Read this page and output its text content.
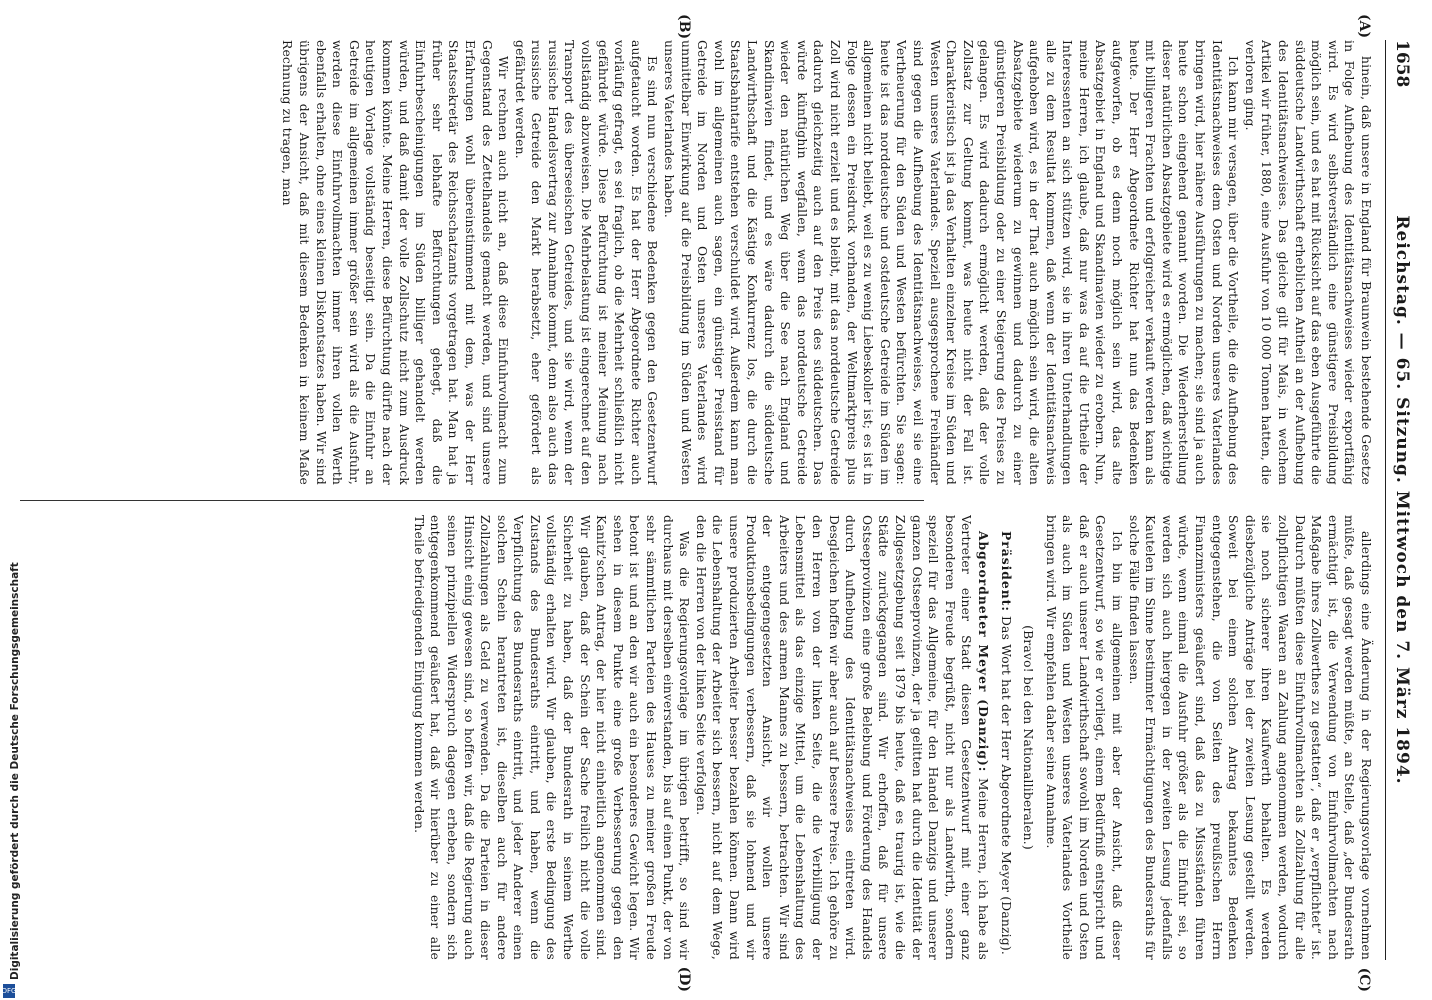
1658
Reichstag. — 65. Sitzung. Mittwoch den 7. März 1894.
(A)
(B)
(C)
(D)

hinein, daß unsere in England für Braunwein bestehende Gesetze in Folge Aufhebung des Identitätsnachweises wieder exportfähig wird. Es wird selbstverständlich eine günstigere Preisbildung möglich sein, und es hat mit Rücksicht auf das eben Ausgeführte die süddeutsche Landwirthschaft erheblichen Antheil an der Aufhebung des Identitätsnachweises. Das gleiche gilt für Mais, in welchem Artikel wir früher, 1880, eine Ausfuhr von 10 000 Tonnen hatten, die verloren ging.

Ich kann mir versagen, über die Vortheile, die die Aufhebung des Identitätsnachweises dem Osten und Norden unseres Vaterlandes bringen wird, hier nähere Ausführungen zu machen; sie sind ja auch heute schon eingehend genannt worden. Die Wiederherstellung dieser natürlichen Absatzgebiete wird es ermöglichen, daß wichtige mit billigeren Frachten und erfolgreicher verkauft werden kann als heute. Der Herr Abgeordnete Richter hat nun das Bedenken aufgeworfen, ob es denn noch möglich sein wird, das alte Absatzgebiet in England und Skandinavien wieder zu erobern. Nun, meine Herren, ich glaube, daß nur was da auf die Urtheile der Interessenten an sich stützen wird, sie in ihren Unterhandlungen alle zu dem Resultat kommen, daß wenn der Identitätsnachweis aufgehoben wird, es in der That auch möglich sein wird, die alten Absatzgebiete wiederum zu gewinnen und dadurch zu einer günstigeren Preisbildung oder zu einer Steigerung des Preises zu gelangen. Es wird dadurch ermöglicht werden, daß der volle Zollsatz zur Geltung kommt, was heute nicht der Fall ist. Charakteristisch ist ja das Verhalten einzelner Kreise im Süden und Westen unseres Vaterlandes. Speziell ausgesprochene Freihändler sind gegen die Aufhebung des Identitätsnachweises, weil sie eine Vertheuerung für den Süden und Westen befürchten. Sie sagen: heute ist das norddeutsche und ostdeutsche Getreide im Süden im allgemeinen nicht beliebt, weil es zu wenig Liebeskoller ist; es ist in Folge dessen ein Preisdruck vorhanden, der Weltmarktpreis plus Zoll wird nicht erzielt und es bleibt, mit das norddeutsche Getreide dadurch gleichzeitig auch auf den Preis des süddeutschen. Das würde künftighin wegfallen, wenn das norddeutsche Getreide wieder den natürlichen Weg über die See nach England und Skandinavien findet, und es wäre dadurch die süddeutsche Landwirthschaft und die Kästige Konkurrenz los, die durch die Staatsbahntarife entstehen verschuldet wird. Außerdem kann man wohl im allgemeinen auch sagen, ein günstiger Preisstand für Getreide im Norden und Osten unseres Vaterlandes wird unmittelbar Einwirkung auf die Preisbildung im Süden und Westen unseres Vaterlandes haben.

Es sind nun verschiedene Bedenken gegen den Gesetzentwurf aufgetaucht worden. Es hat der Herr Abgeordnete Richter auch vorläufig gefragt, es sei fraglich, ob die Mehrheit schließlich nicht gefährdet würde. Diese Befürchtung ist meiner Meinung nach vollständig abzuweisen. Die Mehrbelastung ist eingerechnet auf den Transport des überseeischen Getreides, und sie wird, wenn der russische Handelsvertrag zur Annahme kommt, denn also auch das russische Getreide den Markt herabsetzt, eher gefördert als gefährdet werden.

Wir rechnen auch nicht an, daß diese Einfuhrvollmacht zum Gegenstand des Zettelhandels gemacht werden, und sind unsere Erfahrungen wohl übereinstimmend mit dem, was der Herr Staatssekretär des Reichsschatzamts vorgetragen hat. Man hat ja früher sehr lebhafte Befürchtungen gehegt, daß die Einfuhrbescheinigungen im Süden billiger gehandelt werden würden, und daß damit der volle Zollschutz nicht zum Ausdruck kommen könnte. Meine Herren, diese Befürchtung dürfte nach der heutigen Vorlage vollständig beseitigt sein. Da die Einfuhr an Getreide im allgemeinen immer größer sein wird als die Ausfuhr, werden diese Einfuhrvollmachten immer ihren vollen Werth ebenfalls erhalten, ohne eines kleinen Diskontsatzes haben. Wir sind übrigens der Ansicht, daß mit diesem Bedenken in keinem Maße Rechnung zu tragen, man

allerdings eine Änderung in der Regierungsvorlage vornehmen müßte, daß gesagt werden müßte, an Stelle, daß „der Bundesrath ermächtigt ist, die Verwendung von Einfuhrvollmachten nach Maßgabe ihres Zollwerthes zu gestatten“, daß er „verpflichtet“ ist. Dadurch müßten diese Einfuhrvollmachten als Zollzahlung für alle zollpflichtigen Waaren an Zahlung angenommen werden, wodurch sie noch sicherer ihren Kaufwerth behalten. Es werden diesbezügliche Anträge bei der zweiten Lesung gestellt werden. Soweit bei einem solchen Antrag bekanntes Bedenken entgegenstehen, die von Seiten des preußischen Herrn Finanzministers geäußert sind, daß das zu Missständen führen würde, wenn einmal die Ausfuhr größer als die Einfuhr sei, so werden sich auch hiergegen in der zweiten Lesung jedenfalls Kautelen im Sinne bestimmter Ermächtigungen des Bundesraths für solche Fälle finden lassen.

Ich bin im allgemeinen mit aber der Ansicht, daß dieser Gesetzentwurf, so wie er vorliegt, einem Bedürfniß entspricht und daß er auch unserer Landwirthschaft sowohl im Norden und Osten als auch im Süden und Westen unseres Vaterlandes Vortheile bringen wird. Wir empfehlen daher seine Annahme.

(Bravo! bei den Nationalliberalen.)

Präsident: Das Wort hat der Herr Abgeordnete Meyer (Danzig).

Abgeordneter Meyer (Danzig): Meine Herren, ich habe als Vertreter einer Stadt diesen Gesetzentwurf mit einer ganz besonderen Freude begrüßt, nicht nur als Landwirth, sondern speziell für das Allgemeine, für den Handel Danzigs und unserer ganzen Ostseeprovinzen, der ja gelitten hat durch die Identität der Zollgesetzgebung seit 1879 bis heute, daß es traurig ist, wie die Städte zurückgegangen sind. Wir erhoffen, daß für unsere Ostseeprovinzen eine große Belebung und Förderung des Handels durch Aufhebung des Identitätsnachweises eintreten wird. Desgleichen hoffen wir aber auch auf bessere Preise. Ich gehöre zu den Herren von der linken Seite, die die Verbilligung der Lebensmittel als das einzige Mittel, um die Lebenshaltung des Arbeiters und des armen Mannes zu bessern, betrachten. Wir sind der entgegengesetzten Ansicht, wir wollen unsere Produktionsbedingungen verbessern, daß sie lohnend und wir unsere produzierten Arbeiter besser bezahlen können. Dann wird die Lebenshaltung der Arbeiter sich bessern, nicht auf dem Wege, den die Herren von der linken Seite verfolgen.

Was die Regierungsvorlage im übrigen betrifft, so sind wir durchaus mit derselben einverstanden, bis auf einen Punkt, der von sehr sämmtlichen Parteien des Hauses zu meiner großen Freude betont ist und an den wir auch ein besonderes Gewicht legen. Wir sehen in diesem Punkte eine große Verbesserung gegen den Kanitz'schen Antrag, der hier nicht einheitlich angenommen sind. Wir glauben, daß der Schein der Sache freilich nicht die volle Sicherheit zu haben, daß der Bundesrath in seinem Werthe vollständig erhalten wird. Wir glauben, die erste Bedingung des Zustands des Bundesraths eintritt, und haben, wenn die Verpflichtung des Bundesraths eintritt, und jeder Anderer einen solchen Schein herantreten ist, dieselben auch für andere Zollzahlungen als Geld zu verwenden. Da die Parteien in dieser Hinsicht einig gewesen sind, so hoffen wir, daß die Regierung auch seinen prinzipiellen Widerspruch dagegen erheben, sondern sich entgegenkommend geäußert hat, daß wir hierüber zu einer alle Theile befriedigenden Einigung kommen werden.

Digitalisierung gefördert durch die Deutsche Forschungsgemeinschaft
DFG
